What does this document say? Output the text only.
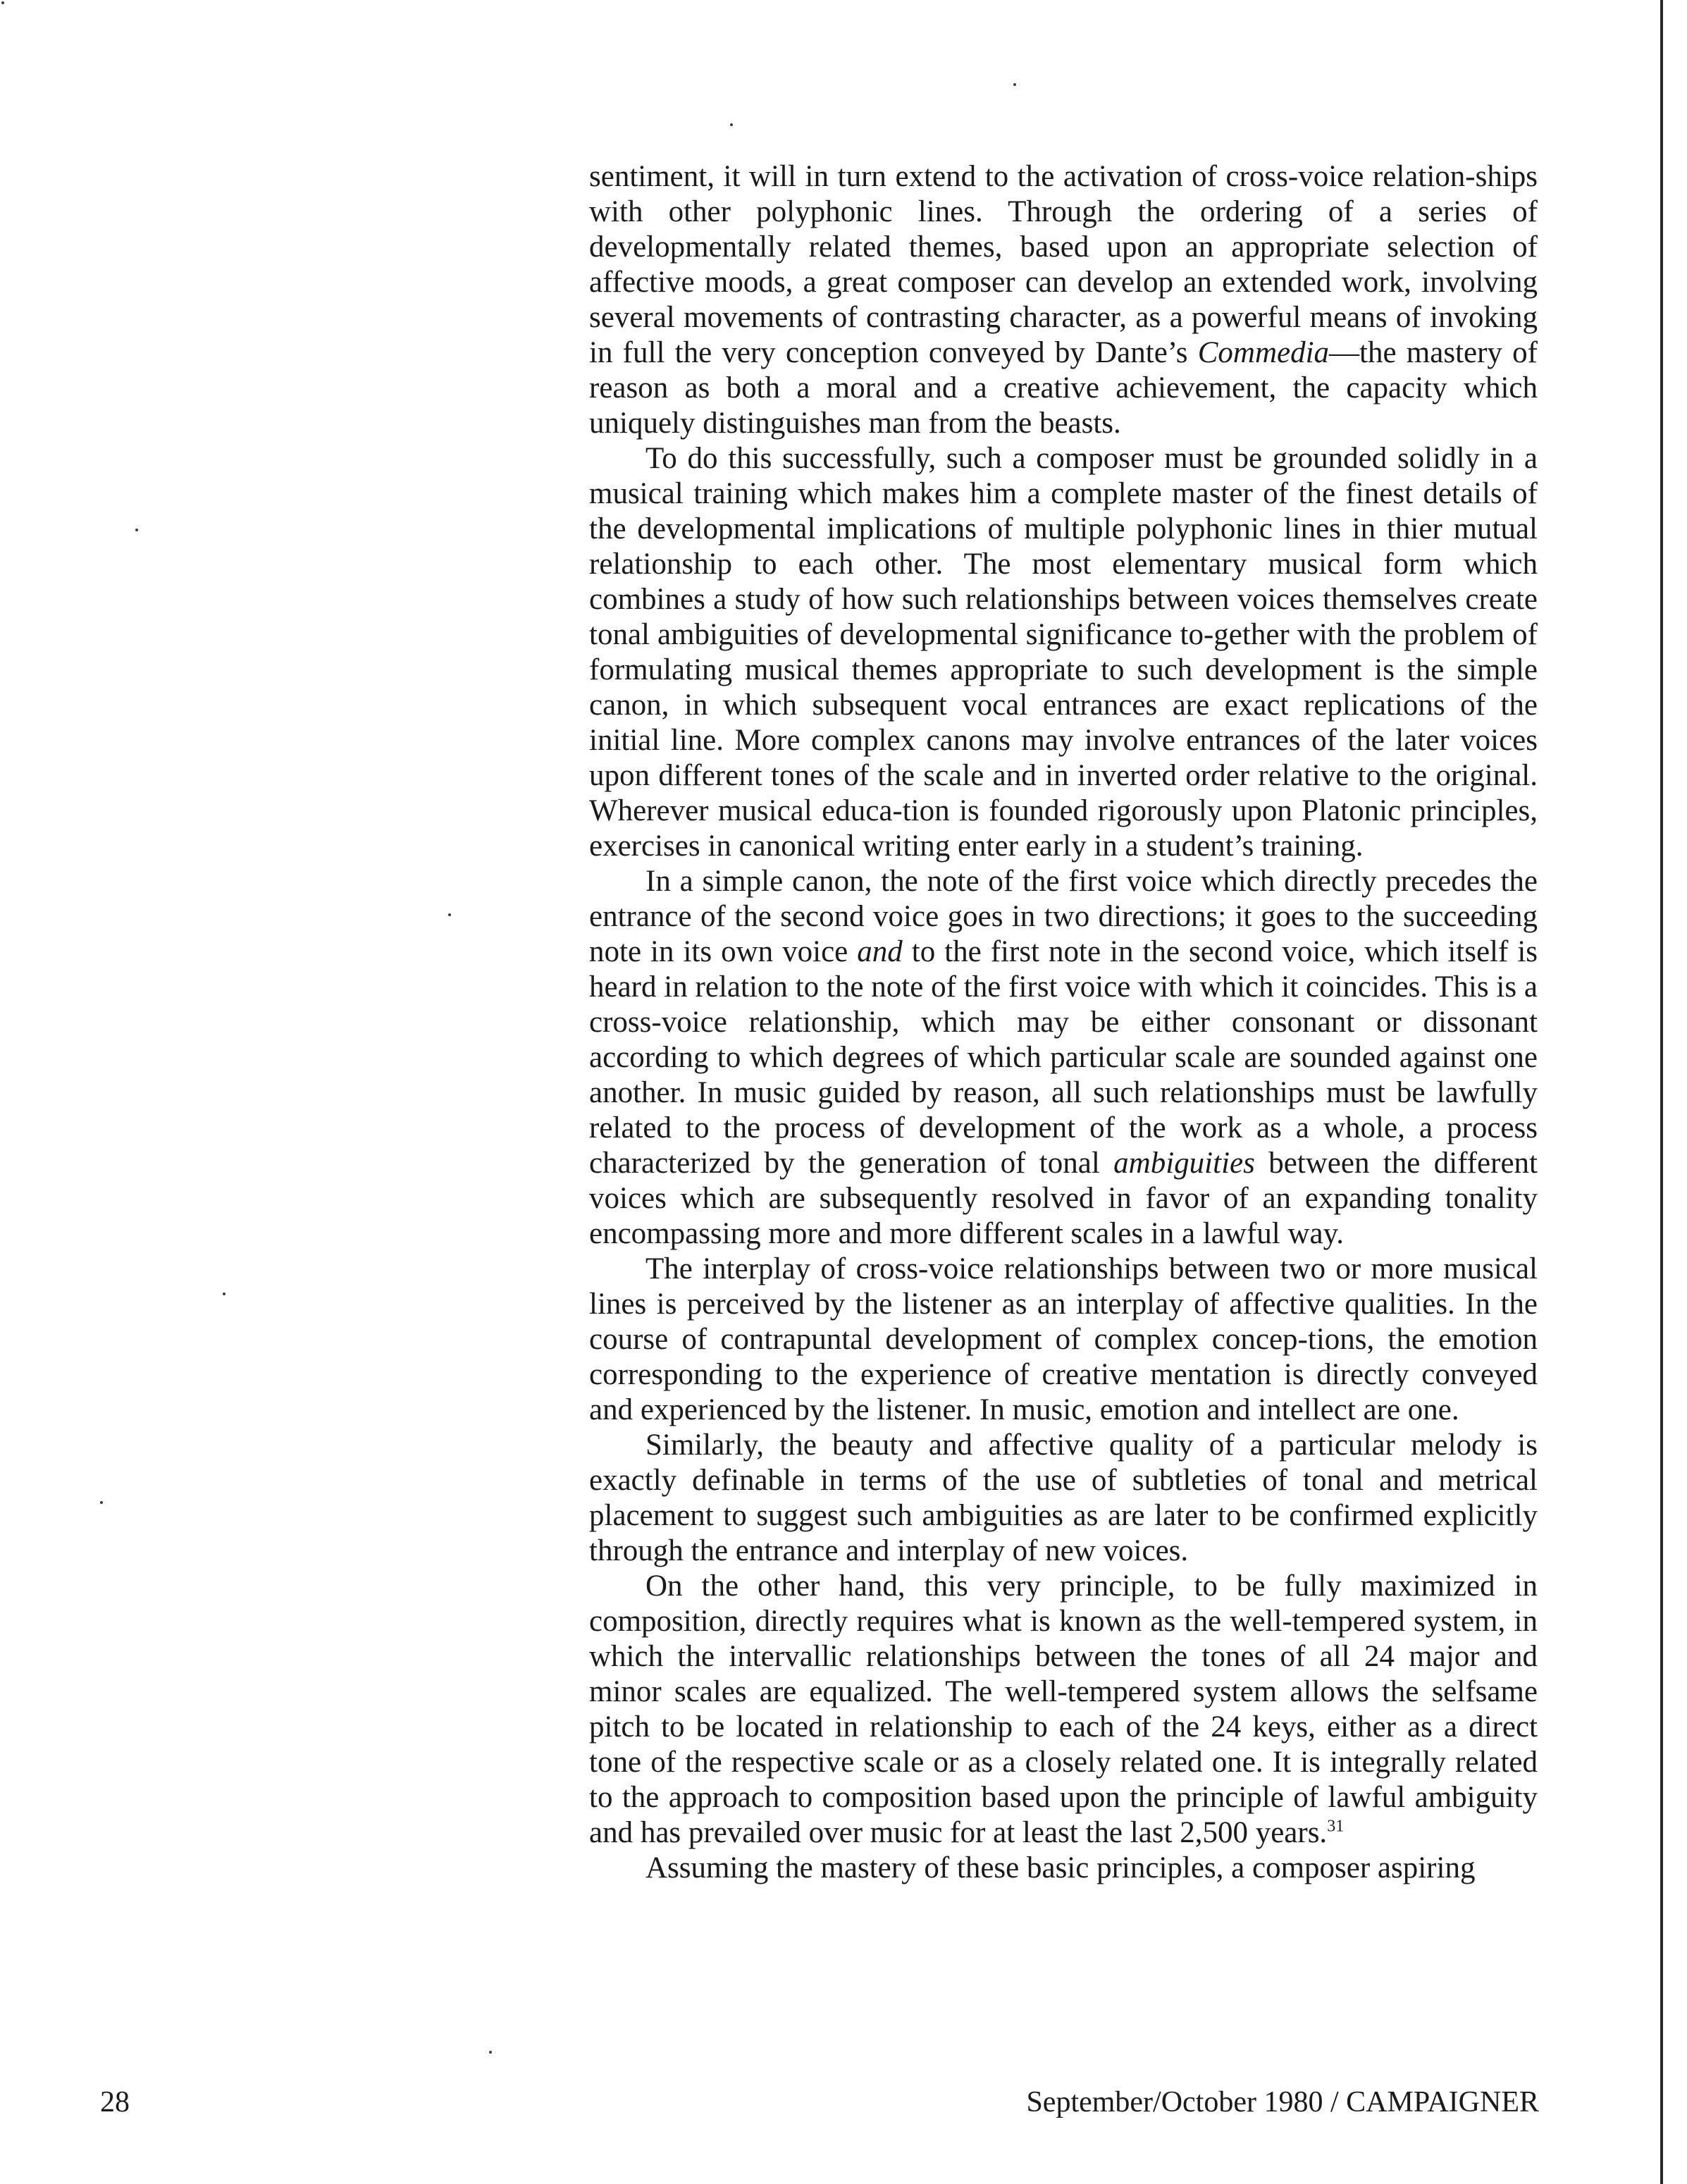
sentiment, it will in turn extend to the activation of cross-voice relation-ships with other polyphonic lines. Through the ordering of a series of developmentally related themes, based upon an appropriate selection of affective moods, a great composer can develop an extended work, involving several movements of contrasting character, as a powerful means of invoking in full the very conception conveyed by Dante’s Commedia—the mastery of reason as both a moral and a creative achievement, the capacity which uniquely distinguishes man from the beasts.

To do this successfully, such a composer must be grounded solidly in a musical training which makes him a complete master of the finest details of the developmental implications of multiple polyphonic lines in thier mutual relationship to each other. The most elementary musical form which combines a study of how such relationships between voices themselves create tonal ambiguities of developmental significance to-gether with the problem of formulating musical themes appropriate to such development is the simple canon, in which subsequent vocal entrances are exact replications of the initial line. More complex canons may involve entrances of the later voices upon different tones of the scale and in inverted order relative to the original. Wherever musical educa-tion is founded rigorously upon Platonic principles, exercises in canonical writing enter early in a student’s training.

In a simple canon, the note of the first voice which directly precedes the entrance of the second voice goes in two directions; it goes to the succeeding note in its own voice and to the first note in the second voice, which itself is heard in relation to the note of the first voice with which it coincides. This is a cross-voice relationship, which may be either consonant or dissonant according to which degrees of which particular scale are sounded against one another. In music guided by reason, all such relationships must be lawfully related to the process of development of the work as a whole, a process characterized by the generation of tonal ambiguities between the different voices which are subsequently resolved in favor of an expanding tonality encompassing more and more different scales in a lawful way.

The interplay of cross-voice relationships between two or more musical lines is perceived by the listener as an interplay of affective qualities. In the course of contrapuntal development of complex concep-tions, the emotion corresponding to the experience of creative mentation is directly conveyed and experienced by the listener. In music, emotion and intellect are one.

Similarly, the beauty and affective quality of a particular melody is exactly definable in terms of the use of subtleties of tonal and metrical placement to suggest such ambiguities as are later to be confirmed explicitly through the entrance and interplay of new voices.

On the other hand, this very principle, to be fully maximized in composition, directly requires what is known as the well-tempered system, in which the intervallic relationships between the tones of all 24 major and minor scales are equalized. The well-tempered system allows the selfsame pitch to be located in relationship to each of the 24 keys, either as a direct tone of the respective scale or as a closely related one. It is integrally related to the approach to composition based upon the principle of lawful ambiguity and has prevailed over music for at least the last 2,500 years.$^{31}$

Assuming the mastery of these basic principles, a composer aspiring

28	September/October 1980 / CAMPAIGNER
